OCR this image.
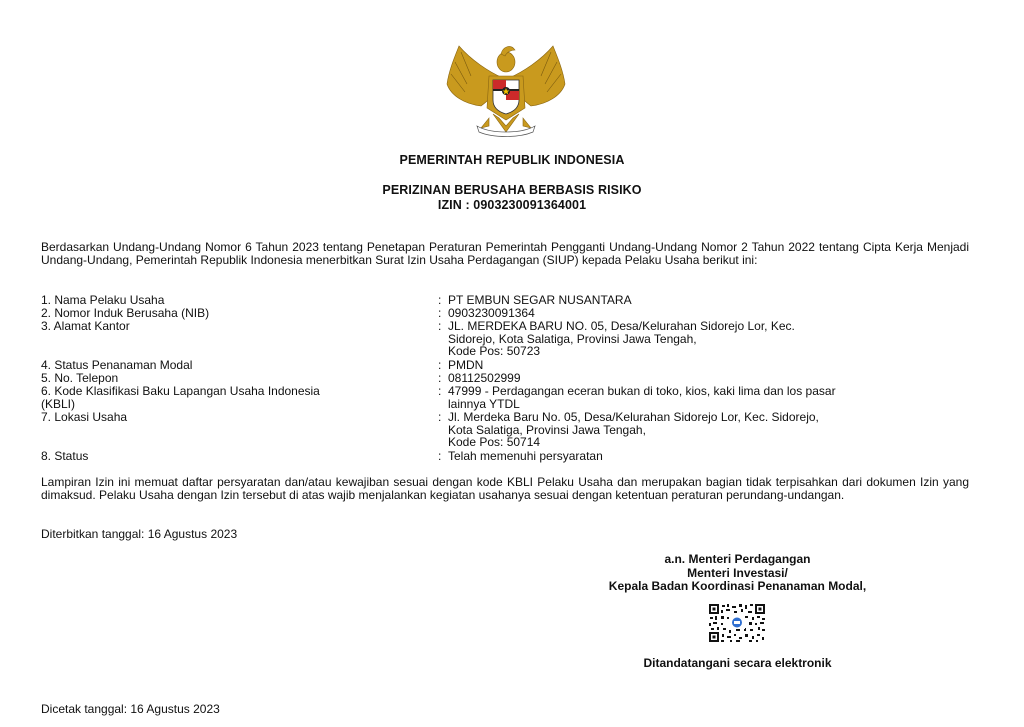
PEMERINTAH REPUBLIK INDONESIA
PERIZINAN BERUSAHA BERBASIS RISIKO
IZIN : 0903230091364001
Berdasarkan Undang-Undang Nomor 6 Tahun 2023 tentang Penetapan Peraturan Pemerintah Pengganti Undang-Undang Nomor 2 Tahun 2022 tentang Cipta Kerja Menjadi Undang-Undang, Pemerintah Republik Indonesia menerbitkan Surat Izin Usaha Perdagangan (SIUP) kepada Pelaku Usaha berikut ini:
1. Nama Pelaku Usaha	: PT EMBUN SEGAR NUSANTARA
2. Nomor Induk Berusaha (NIB)	: 0903230091364
3. Alamat Kantor	: JL. MERDEKA BARU NO. 05, Desa/Kelurahan Sidorejo Lor, Kec.
Sidorejo, Kota Salatiga, Provinsi Jawa Tengah,
Kode Pos: 50723
4. Status Penanaman Modal	: PMDN
5. No. Telepon	: 08112502999
6. Kode Klasifikasi Baku Lapangan Usaha Indonesia
(KBLI)
: 47999 - Perdagangan eceran bukan di toko, kios, kaki lima dan los pasar
lainnya YTDL
7. Lokasi Usaha	: Jl. Merdeka Baru No. 05, Desa/Kelurahan Sidorejo Lor, Kec. Sidorejo,
Kota Salatiga, Provinsi Jawa Tengah,
Kode Pos: 50714
8. Status	: Telah memenuhi persyaratan
Lampiran Izin ini memuat daftar persyaratan dan/atau kewajiban sesuai dengan kode KBLI Pelaku Usaha dan merupakan bagian tidak terpisahkan dari dokumen Izin yang dimaksud. Pelaku Usaha dengan Izin tersebut di atas wajib menjalankan kegiatan usahanya sesuai dengan ketentuan peraturan perundang-undangan.
Diterbitkan tanggal: 16 Agustus 2023
a.n. Menteri Perdagangan
Menteri Investasi/
Kepala Badan Koordinasi Penanaman Modal,
Ditandatangani secara elektronik
Dicetak tanggal: 16 Agustus 2023
